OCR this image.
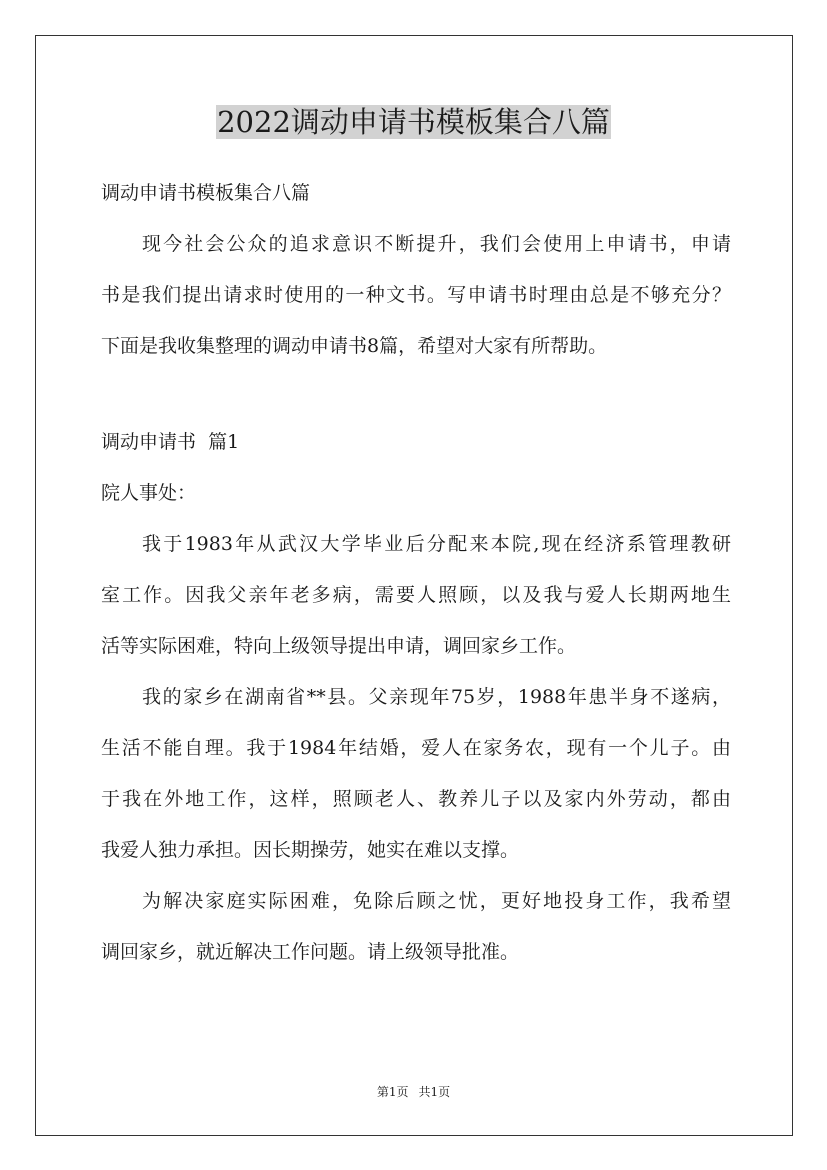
2022调动申请书模板集合八篇
调动申请书模板集合八篇
现今社会公众的追求意识不断提升，我们会使用上申请书，申请
书是我们提出请求时使用的一种文书。写申请书时理由总是不够充分？
下面是我收集整理的调动申请书8篇，希望对大家有所帮助。
调动申请书  篇1
院人事处：
我于1983年从武汉大学毕业后分配来本院,现在经济系管理教研
室工作。因我父亲年老多病，需要人照顾，以及我与爱人长期两地生
活等实际困难，特向上级领导提出申请，调回家乡工作。
我的家乡在湖南省**县。父亲现年75岁，1988年患半身不遂病，
生活不能自理。我于1984年结婚，爱人在家务农，现有一个儿子。由
于我在外地工作，这样，照顾老人、教养儿子以及家内外劳动，都由
我爱人独力承担。因长期操劳，她实在难以支撑。
为解决家庭实际困难，免除后顾之忧，更好地投身工作，我希望
调回家乡，就近解决工作问题。请上级领导批准。
第1页 共1页
